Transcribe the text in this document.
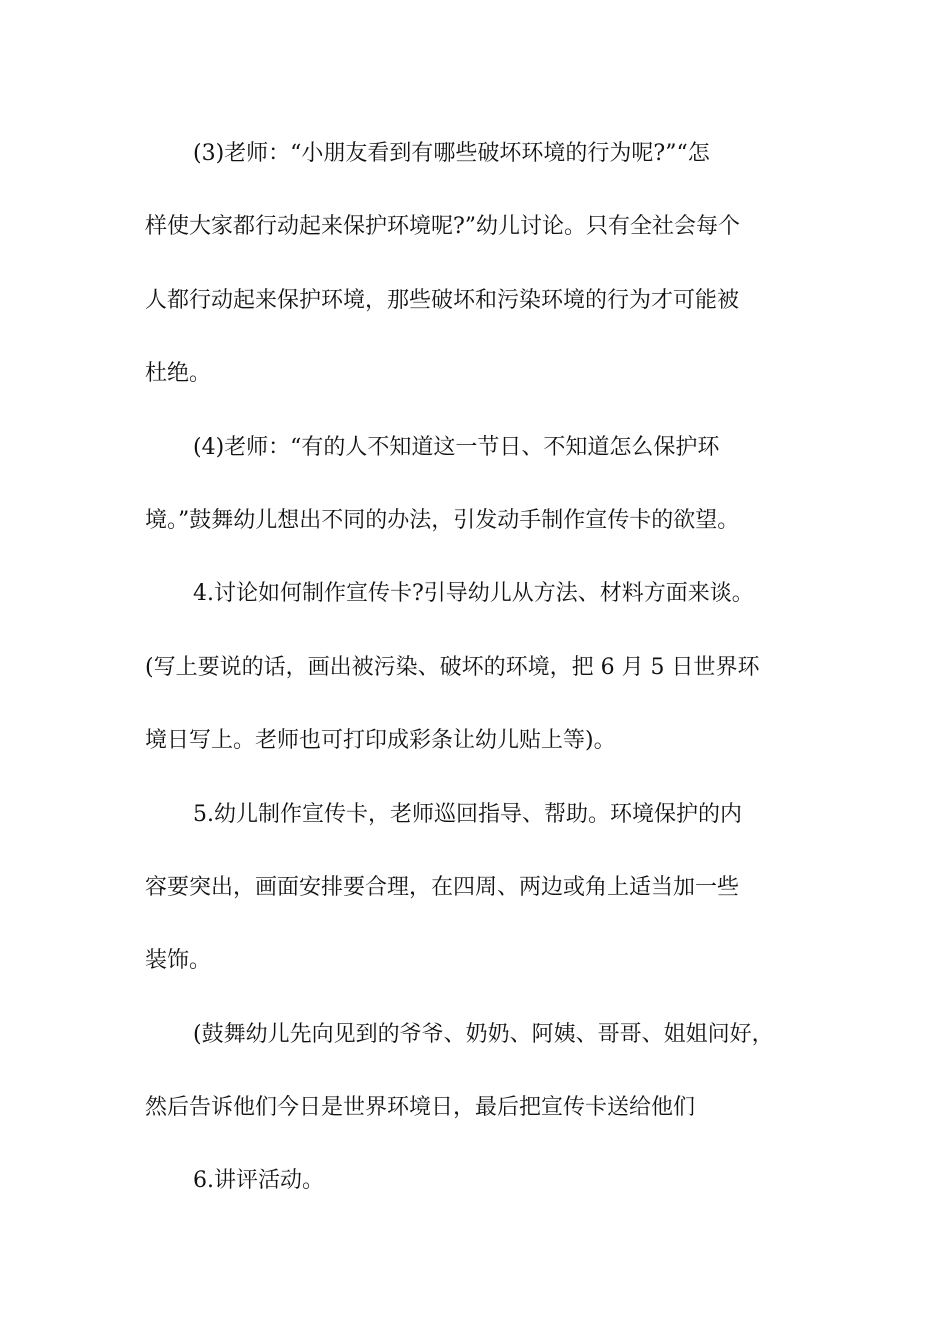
(3)老师：“小朋友看到有哪些破坏环境的行为呢?”“怎
样使大家都行动起来保护环境呢?”幼儿讨论。只有全社会每个
人都行动起来保护环境，那些破坏和污染环境的行为才可能被
杜绝。
(4)老师：“有的人不知道这一节日、不知道怎么保护环
境。”鼓舞幼儿想出不同的办法，引发动手制作宣传卡的欲望。
4.讨论如何制作宣传卡?引导幼儿从方法、材料方面来谈。
(写上要说的话，画出被污染、破坏的环境，把 6 月 5 日世界环
境日写上。老师也可打印成彩条让幼儿贴上等)。
5.幼儿制作宣传卡，老师巡回指导、帮助。环境保护的内
容要突出，画面安排要合理，在四周、两边或角上适当加一些
装饰。
(鼓舞幼儿先向见到的爷爷、奶奶、阿姨、哥哥、姐姐问好，
然后告诉他们今日是世界环境日，最后把宣传卡送给他们
6.讲评活动。
